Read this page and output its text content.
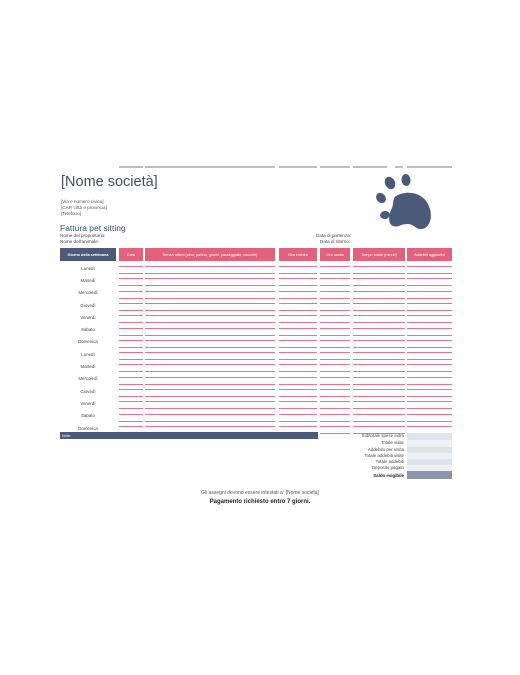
[Nome società]
[Via e numero civico]
[CAP, città e provincia]
[Telefono]
Fattura pet sitting
Nome del proprietario:
Nome dell'animale:
Data di partenza:
Data di ritorno:
Giorno della settimana	Data	Servizi offerti (cibo, pulizia, giochi, passeggiate, coccole)	Ora entrata	Ora uscita	Tempo totale (minuti)	Addebiti aggiuntivi
Lunedì
Martedì
Mercoledì
Giovedì
Venerdì
Sabato
Domenica
Lunedì
Martedì
Mercoledì
Giovedì
Venerdì
Sabato
Domenica
Note:	Subtotale spese extra
Totale visite
Addebito per visita
Totale addebiti visite
Totale addebiti
Deposito pagato
Saldo esigibile
Gli assegni devono essere intestati a: [Nome società]
Pagamento richiesto entro 7 giorni.
